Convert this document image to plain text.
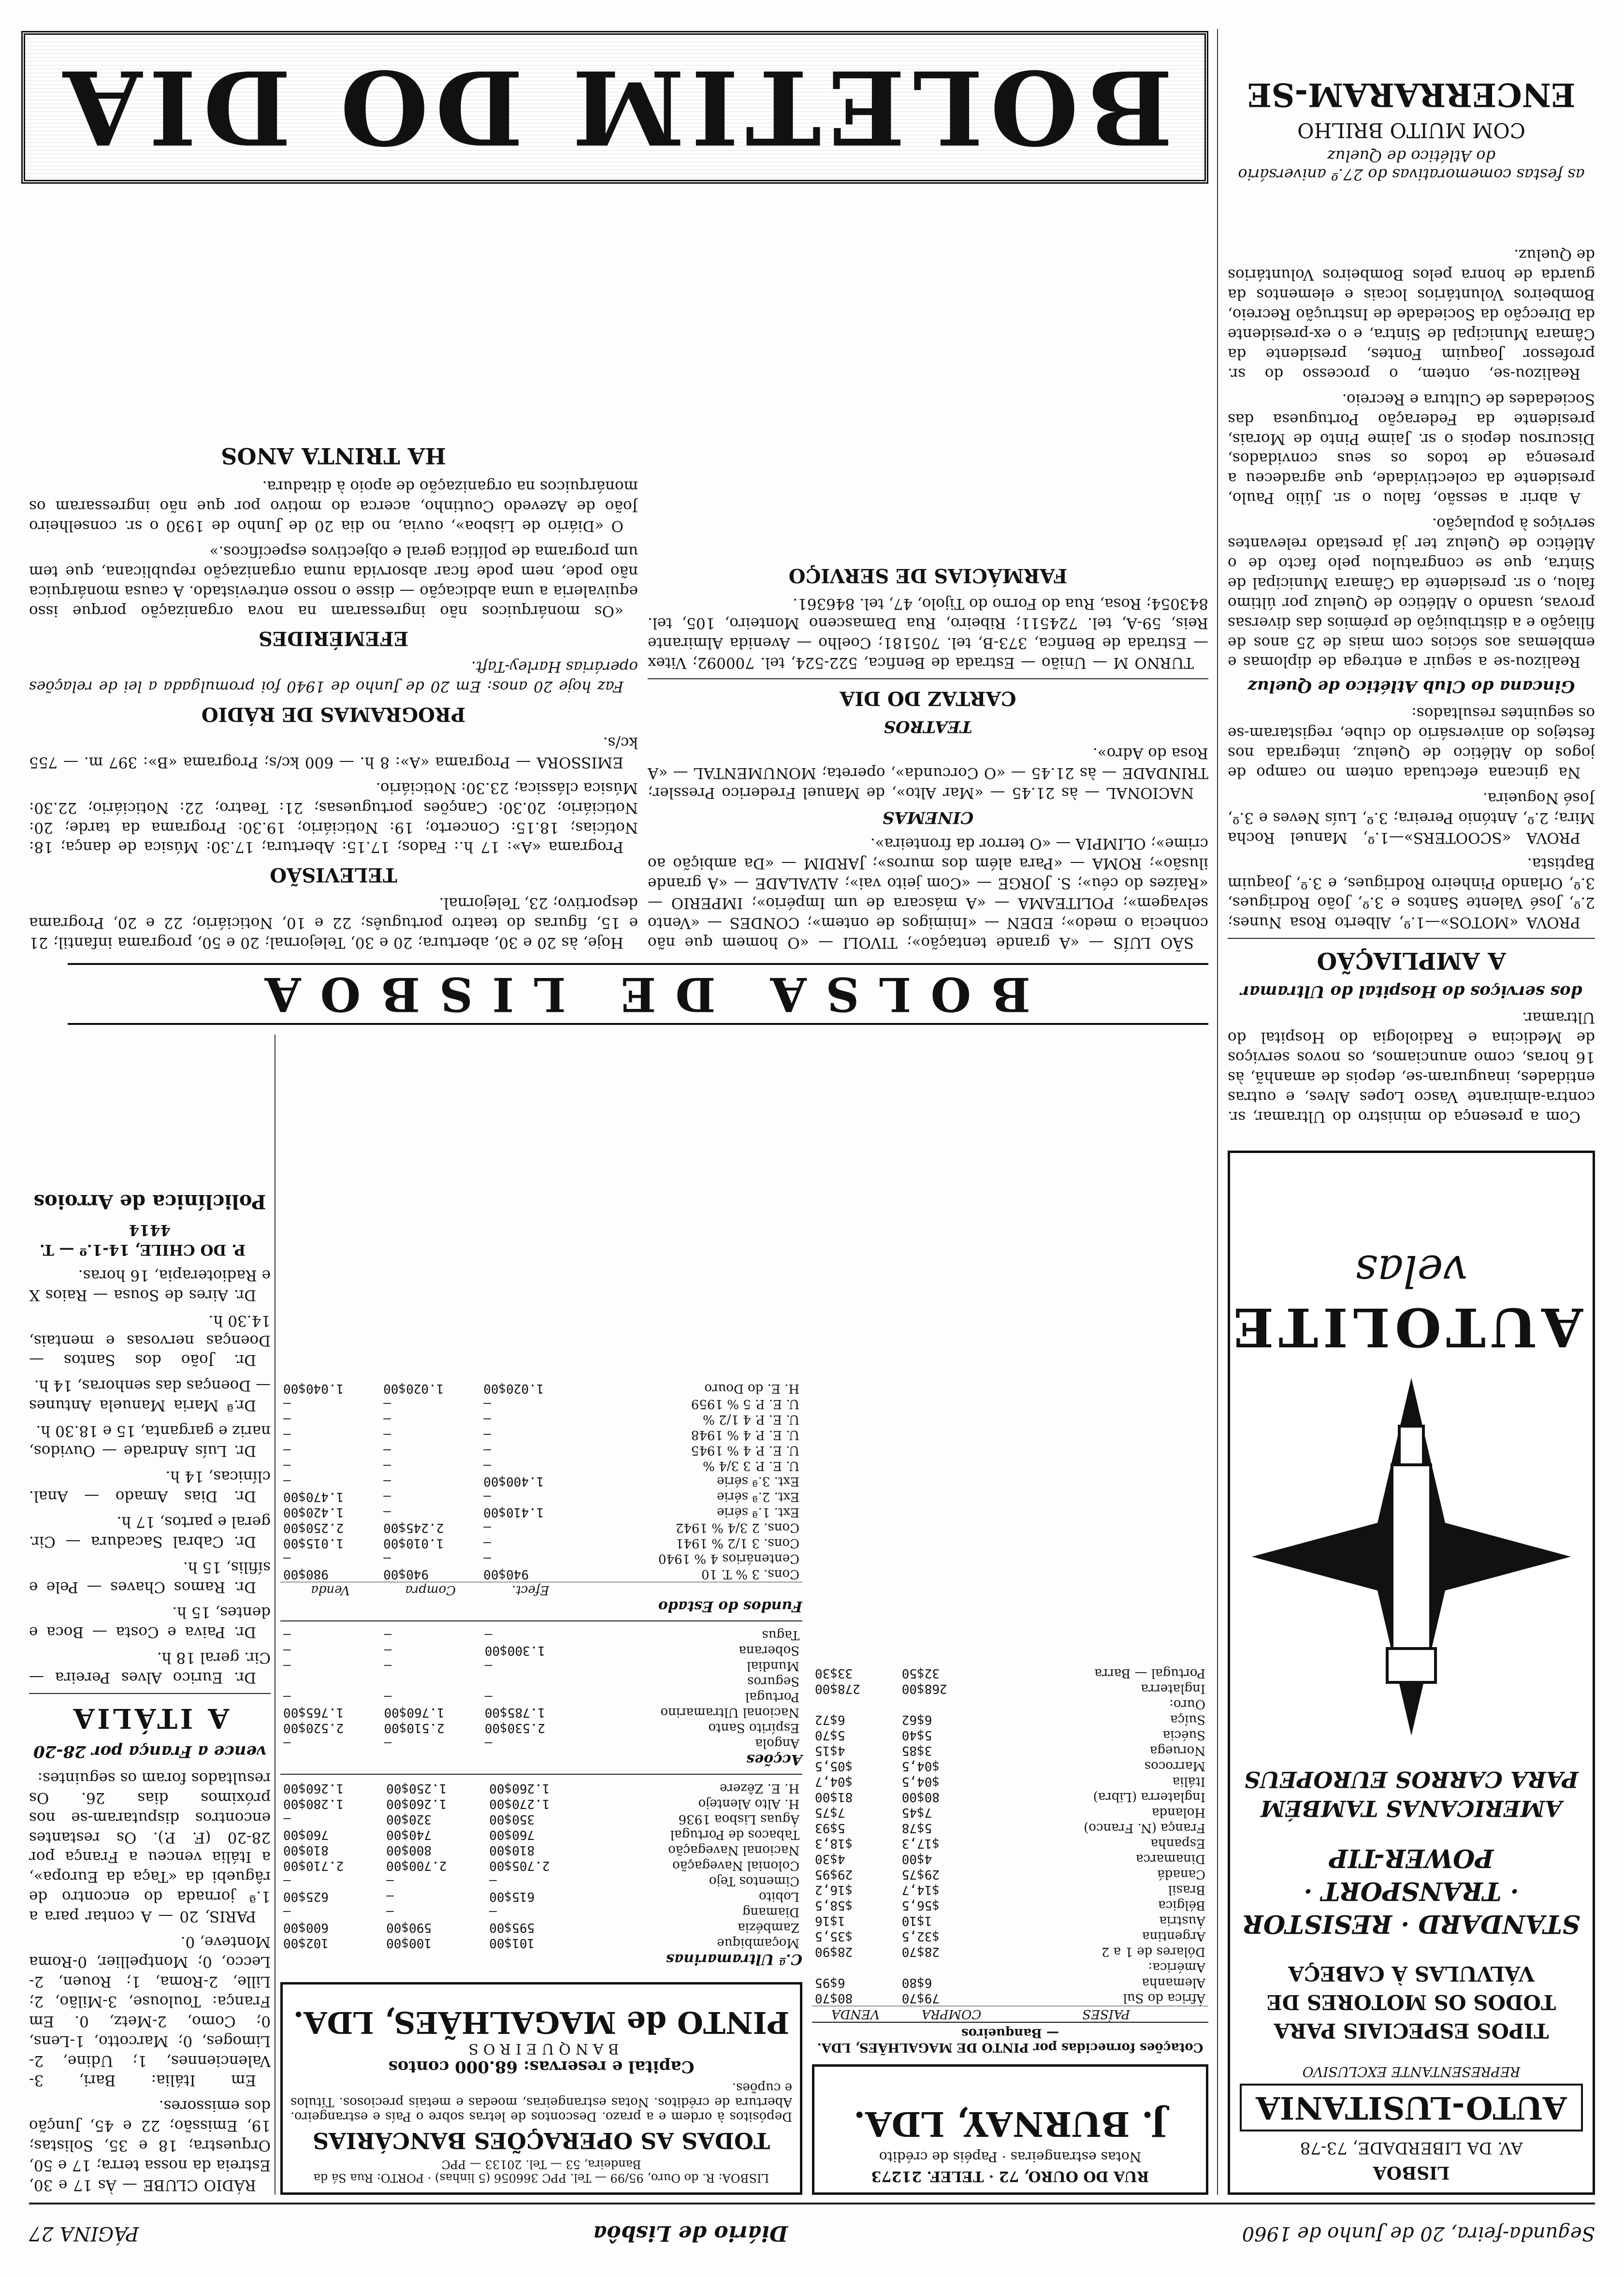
Segunda-feira, 20 de Junho de 1960
Diário de Lisbôa
PÁGINA 27
LISBOA
AV. DA LIBERDADE, 73-78
AUTO-LUSITANIA
REPRESENTANTE EXCLUSIVO
TIPOS ESPECIAIS PARA TODOS OS MOTORES DE VÁLVULAS À CABEÇA
STANDARD · RESISTOR · TRANSPORT · POWER-TIP
AMERICANAS TAMBÉM PARA CARROS EUROPEUS
AUTOLITE
velas
RUA DO OURO, 72 · TELEF. 21273
Notas estrangeiras · Papéis de crédito
J. BURNAY, LDA.
LISBOA: R. do Ouro, 95/99 — Tel. PPC 366056 (5 linhas) · PORTO: Rua Sá da Bandeira, 53 — Tel. 20133 — PPC
TODAS AS OPERAÇÕES BANCÁRIAS
Depósitos à ordem e a prazo. Descontos de letras sobre o País e estrangeiro. Abertura de créditos. Notas estrangeiras, moedas e metais preciosos. Títulos e cupões.
Capital e reservas: 68.000 contos
BANQUEIROS
PINTO de MAGALHÃES, LDA.
Cotações fornecidas por PINTO DE MAGALHÃES, LDA. — Banqueiros
PAÍSES	COMPRA	VENDA
África do Sul	79$70	80$70
Alemanha	6$80	6$95
América:		
Dólares de 1 a 2	28$70	28$90
Argentina	$32,5	$35,5
Áustria	1$10	1$16
Bélgica	$56,5	$58,5
Brasil	$14,7	$16,2
Canadá	29$75	29$95
Dinamarca	4$00	4$30
Espanha	$17,3	$18,3
França (N. Franco)	5$78	5$93
Holanda	7$45	7$75
Inglaterra (Libra)	80$00	81$00
Itália	$04,5	$04,7
Marrocos	$04,5	$05,5
Noruega	3$85	4$15
Suécia	5$40	5$70
Suíça	6$62	6$72
Ouro:		
Inglaterra	268$00	278$00
Portugal — Barra	32$50	33$30
C.ª Ultramarinas
Moçambique	101$00	100$00	102$00
Zambézia	595$00	590$00	600$00
Diamang	—	—	—
Lobito	615$00	—	625$00
Cimentos Tejo	—	—	—
Colonial Navegação	2.705$00	2.700$00	2.710$00
Nacional Navegação	810$00	800$00	810$00
Tabacos de Portugal	760$00	740$00	760$00
Águas Lisboa 1936	350$00	320$00	—
H. Alto Alentejo	1.270$00	1.260$00	1.280$00
H. E. Zêzere	1.260$00	1.250$00	1.260$00
Acções
Angola	—	—	—
Espírito Santo	2.530$00	2.510$00	2.520$00
Nacional Ultramarino	1.785$00	1.760$00	1.765$00
Portugal	—	—	—
Seguros			
Mundial	—	—	—
Soberana	1.300$00	—	—
Tagus	—	—	—
Fundos do Estado
	Efect.	Compra	Venda
Cons. 3 % T. 10	940$00	940$00	980$00
Centenários 4 % 1940	—	—	—
Cons. 3 1/2 % 1941	—	1.010$00	1.015$00
Cons. 2 3/4 % 1942	—	2.245$00	2.250$00
Ext. 1.ª série	1.410$00	—	1.420$00
Ext. 2.ª série	—	—	1.470$00
Ext. 3.ª série	1.400$00	—	—
U. E. P. 3 3/4 %	—	—	—
U. E. P. 4 % 1945	—	—	—
U. E. P. 4 % 1948	—	—	—
U. E. P. 4 1/2 %	—	—	—
U. E. P. 5 % 1959	—	—	—
H. E. do Douro	1.020$00	1.020$00	1.040$00
BOLSA DE LISBOA

RÁDIO CLUBE — Às 17 e 30, Estreia da nossa terra; 17 e 50, Orquestra; 18 e 35, Solistas; 19, Emissão; 22 e 45, Junção dos emissores.

Em Itália: Bari, 3-Valenciennes, 1; Udine, 2-Limoges, 0; Marcotto, 1-Lens, 0; Como, 2-Metz, 0. Em França: Toulouse, 3-Milão, 2; Lille, 2-Roma, 1; Rouen, 2-Lecco, 0; Montpellier, 0-Roma Monteve, 0.

PARIS, 20 — A contar para a 1.ª jornada do encontro de râguebi da «Taça da Europa», a Itália venceu a França por 28-20 (F. P.). Os restantes encontros disputaram-se nos próximos dias 26. Os resultados foram os seguintes:

vence a França por 28-20
A ITÁLIA

Dr. Eurico Alves Pereira — Cir. geral 18 h.

Dr. Paiva e Costa — Boca e dentes, 15 h.

Dr. Ramos Chaves — Pele e sífilis, 15 h.

Dr. Cabral Sacadura — Cir. geral e partos, 17 h.

Dr. Dias Amado — Anal. clínicas, 14 h.

Dr. Luís Andrade — Ouvidos, nariz e garganta, 15 e 18.30 h.

Dr.ª Maria Manuela Antunes — Doenças das senhoras, 14 h.

Dr. João dos Santos — Doenças nervosas e mentais, 14.30 h.

Dr. Aires de Sousa — Raios X e Radioterapia, 16 horas.

P. DO CHILE, 14-1.º — T. 4414

Policlínica de Arroios

Com a presença do ministro do Ultramar, sr. contra-almirante Vasco Lopes Alves, e outras entidades, inauguram-se, depois de amanhã, às 16 horas, como anunciamos, os novos serviços de Medicina e Radiologia do Hospital do Ultramar.

dos serviços do Hospital do Ultramar
A AMPLIAÇÃO

PROVA «MOTOS»—1.º, Alberto Rosa Nunes; 2.º, José Valente Santos e 3.º, João Rodrigues, 3.º, Orlando Pinheiro Rodrigues, e 3.º, Joaquim Baptista.

PROVA «SCOOTERS»—1.º, Manuel Rocha Mira; 2.º, António Pereira; 3.º, Luís Neves e 3.º, José Nogueira.

Na gincana efectuada ontem no campo de jogos do Atlético de Queluz, integrada nos festejos do aniversário do clube, registaram-se os seguintes resultados:

Gincana do Club Atlético de Queluz

Realizou-se a seguir a entrega de diplomas e emblemas aos sócios com mais de 25 anos de filiação e a distribuição de prémios das diversas provas, usando o Atlético de Queluz por último falou, o sr. presidente da Câmara Municipal de Sintra, que se congratulou pelo facto de o Atlético de Queluz ter já prestado relevantes serviços à população.

A abrir a sessão, falou o sr. Júlio Paulo, presidente da colectividade, que agradeceu a presença de todos os seus convidados, Discursou depois o sr. Jaime Pinto de Morais, presidente da Federação Portuguesa das Sociedades de Cultura e Recreio.

Realizou-se, ontem, o processo do sr. professor Joaquim Fontes, presidente da Câmara Municipal de Sintra, e o ex-presidente da Direcção da Sociedade de Instrução Recreio, Bombeiros Voluntários locais e elementos da guarda de honra pelos Bombeiros Voluntários de Queluz.

SÃO LUÍS — «A grande tentação»; TIVOLI — «O homem que não conhecia o medo»; EDEN — «Inimigos de ontem»; CONDES — «Vento selvagem»; POLITEAMA — «A máscara de um Império»; IMPERIO — «Raízes do céu»; S. JORGE — «Com jeito vai»; ALVALADE — «A grande ilusão»; ROMA — «Para além dos muros»; JARDIM — «Da ambição ao crime»; OLIMPIA — «O terror da fronteira».

CINEMAS

NACIONAL — às 21.45 — «Mar Alto», de Manuel Frederico Pressler; TRINDADE — às 21.45 — «O Corcunda», opereta; MONUMENTAL — «A Rosa do Adro».

TEATROS
CARTAZ DO DIA

TURNO M — União — Estrada de Benfica, 522-524, tel. 700092; Vitex — Estrada de Benfica, 373-B, tel. 705181; Coelho — Avenida Almirante Reis, 59-A, tel. 724511; Ribeiro, Rua Damasceno Monteiro, 105, tel. 843054; Rosa, Rua do Forno do Tijolo, 47, tel. 846361.

FARMÁCIAS DE SERVIÇO

Hoje, às 20 e 30, abertura; 20 e 30, Telejornal; 20 e 50, programa infantil; 21 e 15, figuras do teatro português; 22 e 10, Noticiário; 22 e 20, Programa desportivo; 23, Telejornal.

TELEVISÃO

Programa «A»: 17 h.: Fados; 17.15: Abertura; 17.30: Música de dança; 18: Notícias; 18.15: Concerto; 19: Noticiário; 19.30: Programa da tarde; 20: Noticiário; 20.30: Canções portuguesas; 21: Teatro; 22: Noticiário; 22.30: Música clássica; 23.30: Noticiário.

EMISSORA — Programa «A»: 8 h. — 600 kc/s; Programa «B»: 397 m. — 755 kc/s.

PROGRAMAS DE RÁDIO

Faz hoje 20 anos: Em 20 de Junho de 1940 foi promulgada a lei de relações operárias Harley-Taft.

EFEMÉRIDES

«Os monárquicos não ingressaram na nova organização porque isso equivaleria a uma abdicação — disse o nosso entrevistado. A causa monárquica não pode, nem pode ficar absorvida numa organização republicana, que tem um programa de política geral e objectivos específicos.»

O «Diário de Lisboa», ouvia, no dia 20 de Junho de 1930 o sr. conselheiro João de Azevedo Coutinho, acerca do motivo por que não ingressaram os monárquicos na organização de apoio à ditadura.

HA TRINTA ANOS
as festas comemorativas do 27.º aniversário do Atlético de Queluz
COM MUITO BRILHO
ENCERRARAM-SE
BOLETIM DO DIA
